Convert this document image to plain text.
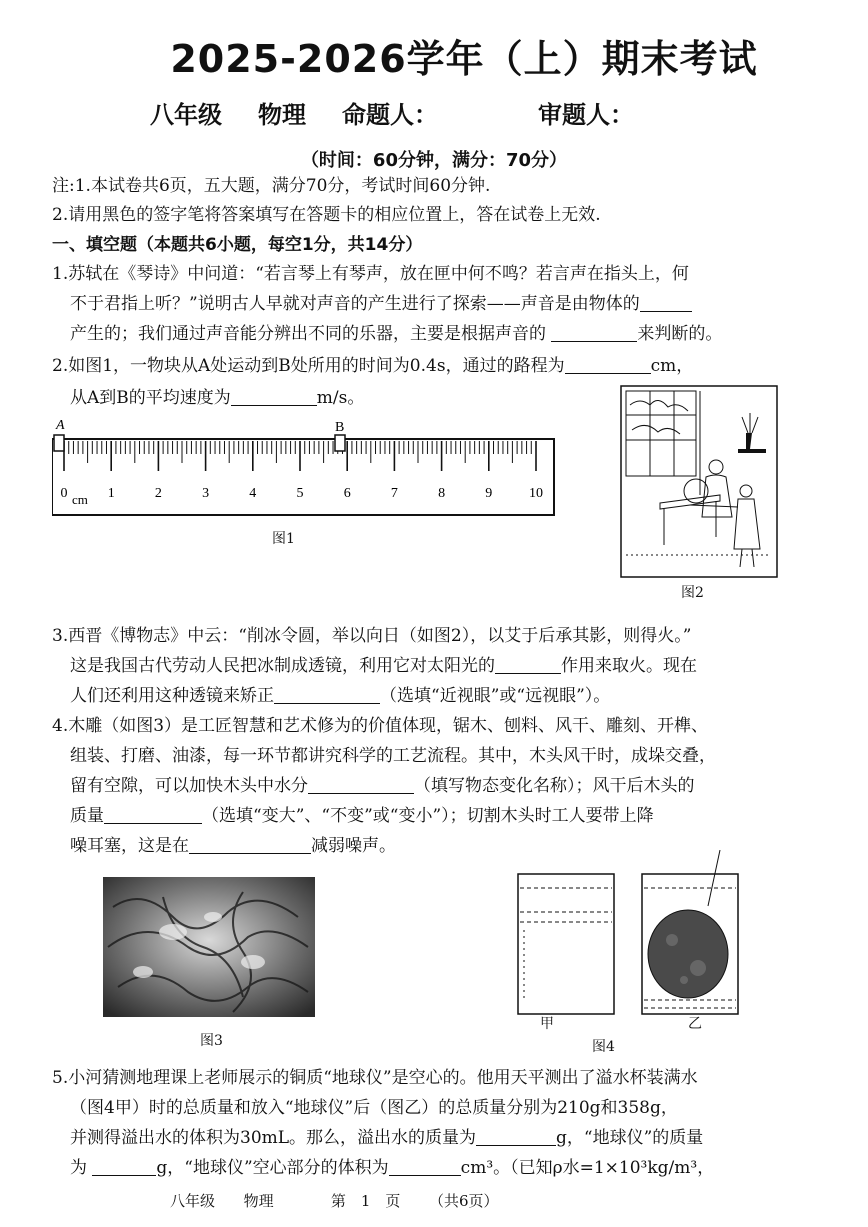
2025-2026学年（上）期末考试
八年级 物理 命题人：	审题人：
（时间：60分钟，满分：70分）
注:1.本试卷共6页，五大题，满分70分，考试时间60分钟.
2.请用黑色的签字笔将答案填写在答题卡的相应位置上，答在试卷上无效.
一、填空题（本题共6小题，每空1分，共14分）
1.苏轼在《琴诗》中问道：“若言琴上有琴声，放在匣中何不鸣？若言声在指头上，何
不于君指上听？”说明古人早就对声音的产生进行了探索——声音是由物体的
产生的；我们通过声音能分辨出不同的乐器，主要是根据声音的	来判断的。
2.如图1，一物块从A处运动到B处所用的时间为0.4s，通过的路程为	cm，
从A到B的平均速度为	m/s。
A	B
0	1	2	3	4	5	6	7	8	9	10
cm
图1
图2
3.西晋《博物志》中云：“削冰令圆，举以向日（如图2），以艾于后承其影，则得火。”
这是我国古代劳动人民把冰制成透镜，利用它对太阳光的	作用来取火。现在
人们还利用这种透镜来矫正	（选填“近视眼”或“远视眼”）。
4.木雕（如图3）是工匠智慧和艺术修为的价值体现，锯木、刨料、风干、雕刻、开榫、
组装、打磨、油漆，每一环节都讲究科学的工艺流程。其中，木头风干时，成垛交叠，
留有空隙，可以加快木头中水分	（填写物态变化名称）；风干后木头的
质量	（选填“变大”、“不变”或“变小”）；切割木头时工人要带上降
噪耳塞，这是在	减弱噪声。
图3
甲	乙
图4
5.小河猜测地理课上老师展示的铜质“地球仪”是空心的。他用天平测出了溢水杯装满水
（图4甲）时的总质量和放入“地球仪”后（图乙）的总质量分别为210g和358g，
并测得溢出水的体积为30mL。那么，溢出水的质量为	g，“地球仪”的质量
为	g，“地球仪”空心部分的体积为	cm³。（已知ρ水=1×10³kg/m³，
八年级 物理	第　1　页 （共6页）
